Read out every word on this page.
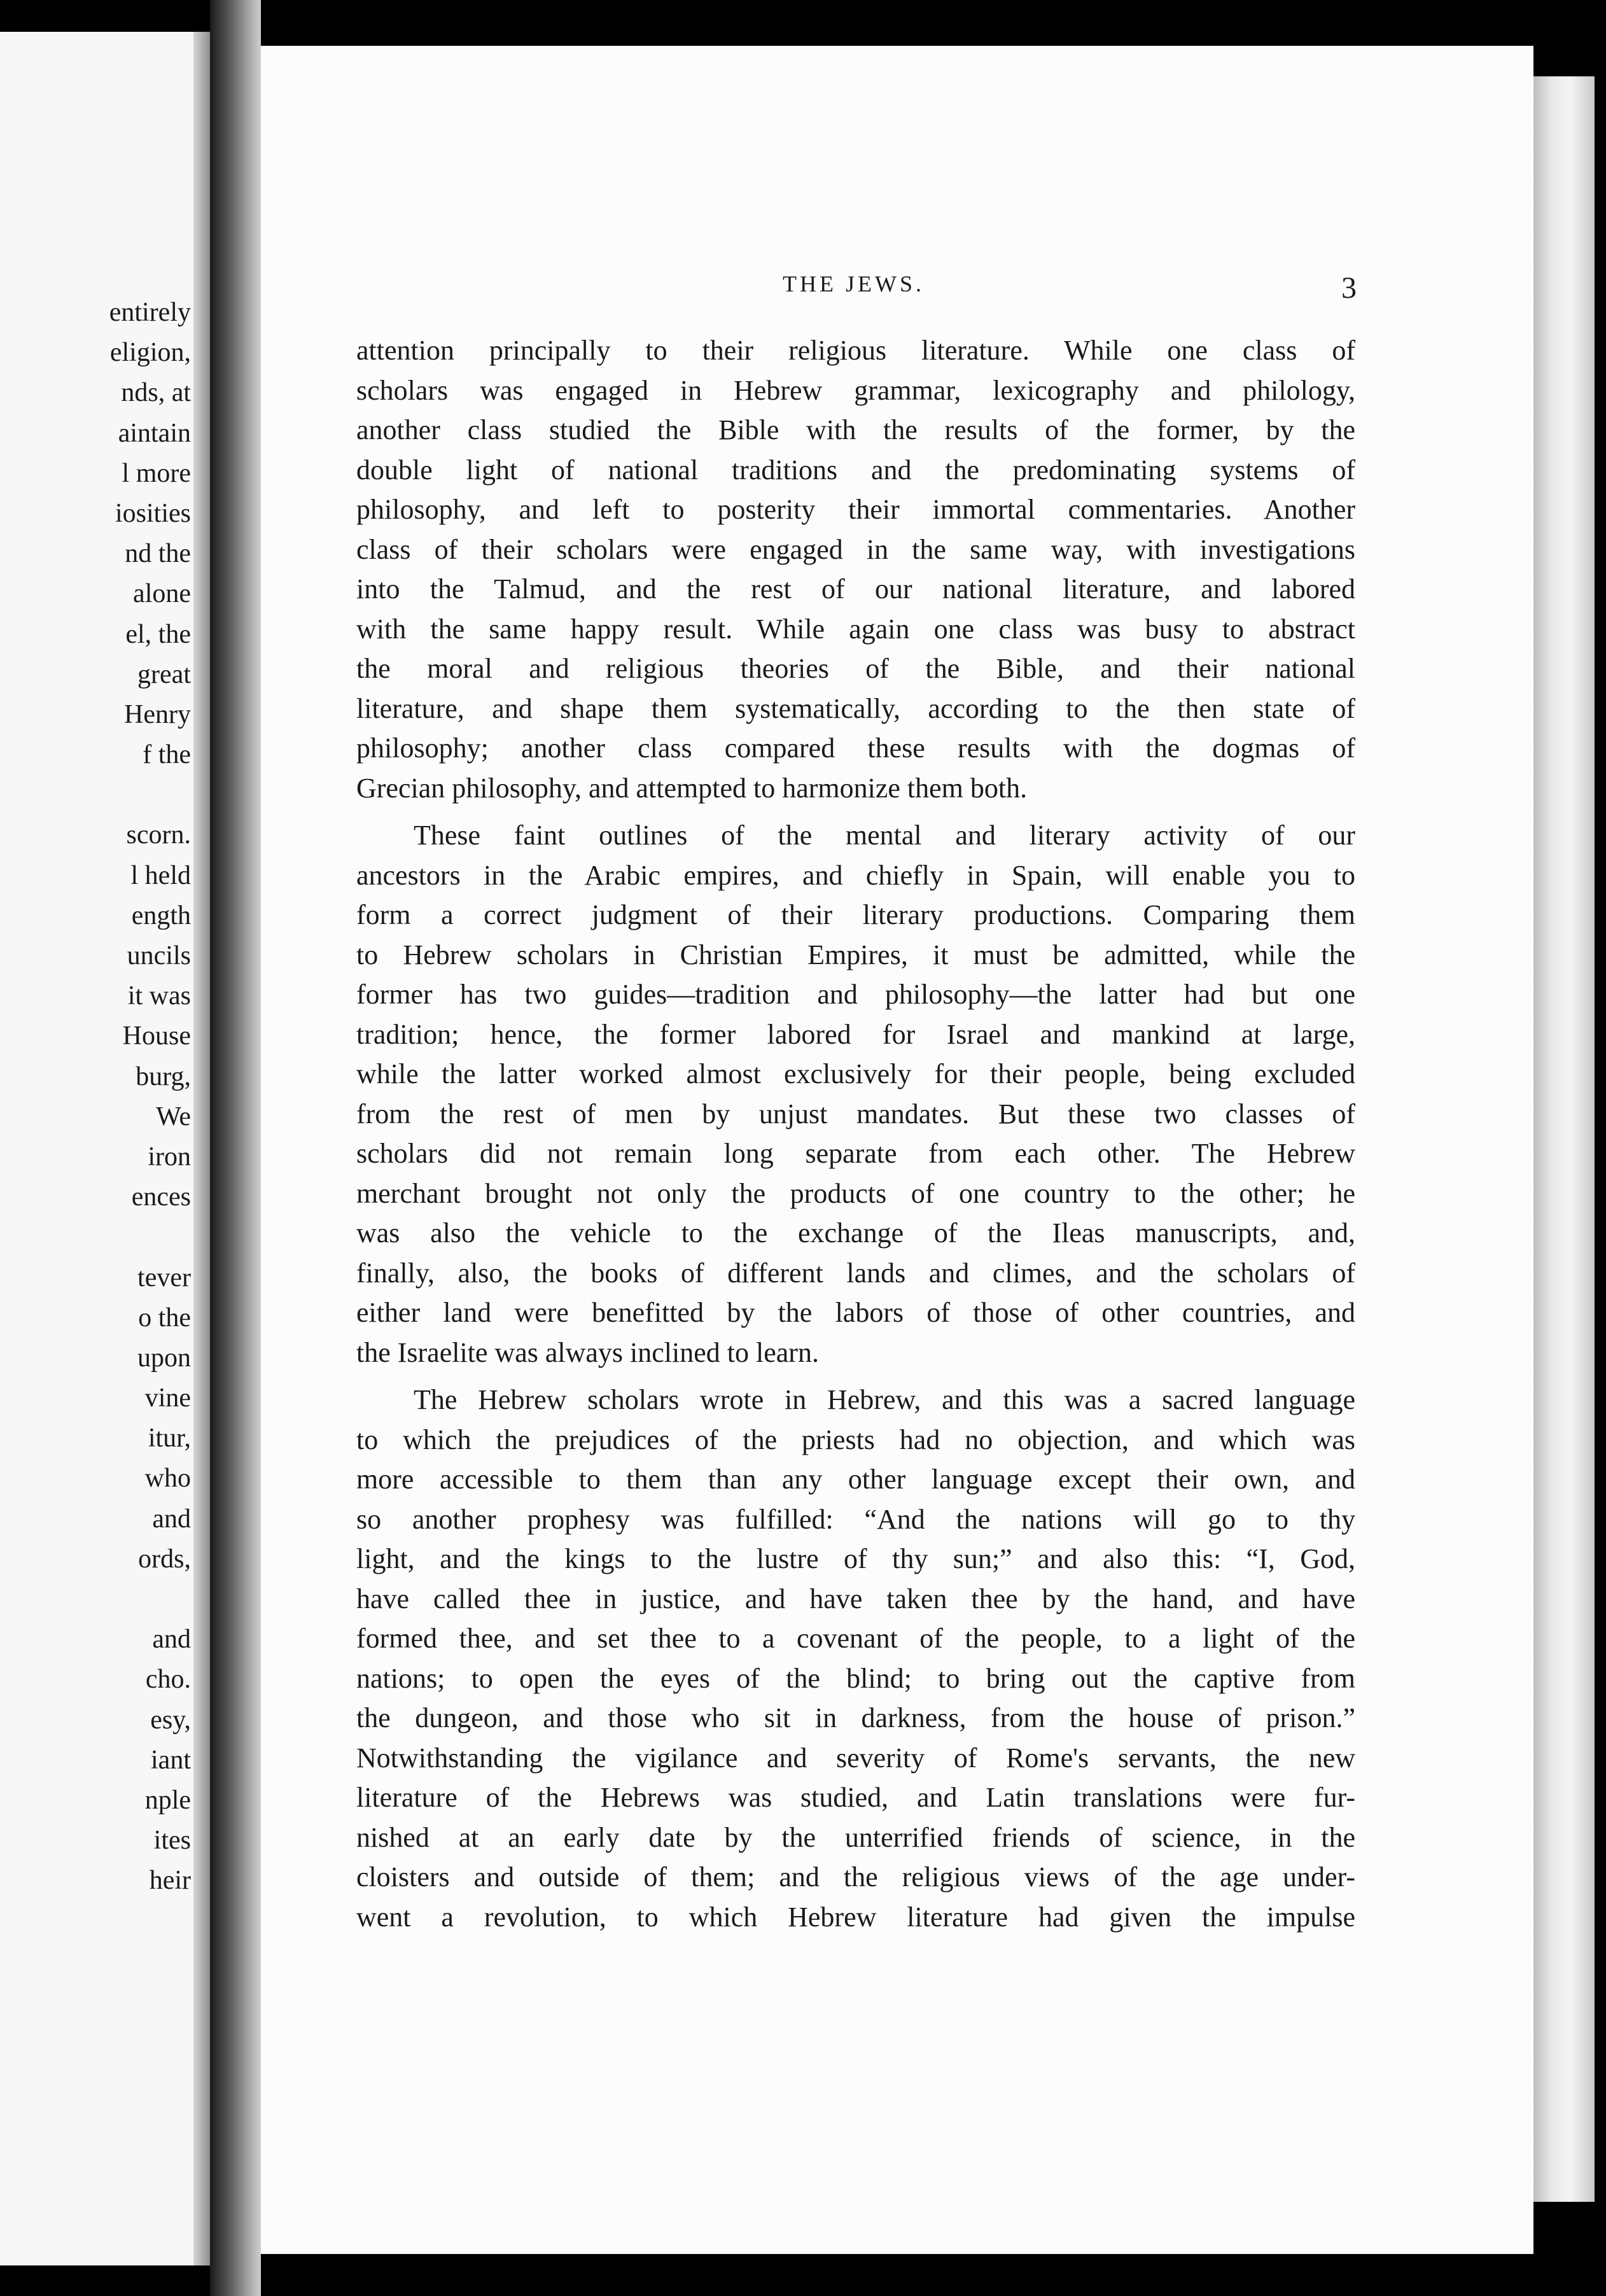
entirely
eligion,
nds, at
aintain
l more
iosities
nd the
alone
el, the
great
Henry
f the
scorn.
l held
ength
uncils
it was
House
burg,
We
iron
ences
tever
o the
upon
vine
itur,
who
and
ords,
and
cho.
esy,
iant
nple
ites
heir
THE JEWS.	3
attention principally to their religious literature. While one class of
scholars was engaged in Hebrew grammar, lexicography and philology,
another class studied the Bible with the results of the former, by the
double light of national traditions and the predominating systems of
philosophy, and left to posterity their immortal commentaries. Another
class of their scholars were engaged in the same way, with investigations
into the Talmud, and the rest of our national literature, and labored
with the same happy result. While again one class was busy to abstract
the moral and religious theories of the Bible, and their national
literature, and shape them systematically, according to the then state of
philosophy; another class compared these results with the dogmas of
Grecian philosophy, and attempted to harmonize them both.
These faint outlines of the mental and literary activity of our
ancestors in the Arabic empires, and chiefly in Spain, will enable you to
form a correct judgment of their literary productions. Comparing them
to Hebrew scholars in Christian Empires, it must be admitted, while the
former has two guides—tradition and philosophy—the latter had but one
tradition; hence, the former labored for Israel and mankind at large,
while the latter worked almost exclusively for their people, being excluded
from the rest of men by unjust mandates. But these two classes of
scholars did not remain long separate from each other. The Hebrew
merchant brought not only the products of one country to the other; he
was also the vehicle to the exchange of the Ileas manuscripts, and,
finally, also, the books of different lands and climes, and the scholars of
either land were benefitted by the labors of those of other countries, and
the Israelite was always inclined to learn.
The Hebrew scholars wrote in Hebrew, and this was a sacred language
to which the prejudices of the priests had no objection, and which was
more accessible to them than any other language except their own, and
so another prophesy was fulfilled: “And the nations will go to thy
light, and the kings to the lustre of thy sun;” and also this: “I, God,
have called thee in justice, and have taken thee by the hand, and have
formed thee, and set thee to a covenant of the people, to a light of the
nations; to open the eyes of the blind; to bring out the captive from
the dungeon, and those who sit in darkness, from the house of prison.”
Notwithstanding the vigilance and severity of Rome's servants, the new
literature of the Hebrews was studied, and Latin translations were fur-
nished at an early date by the unterrified friends of science, in the
cloisters and outside of them; and the religious views of the age under-
went a revolution, to which Hebrew literature had given the impulse
